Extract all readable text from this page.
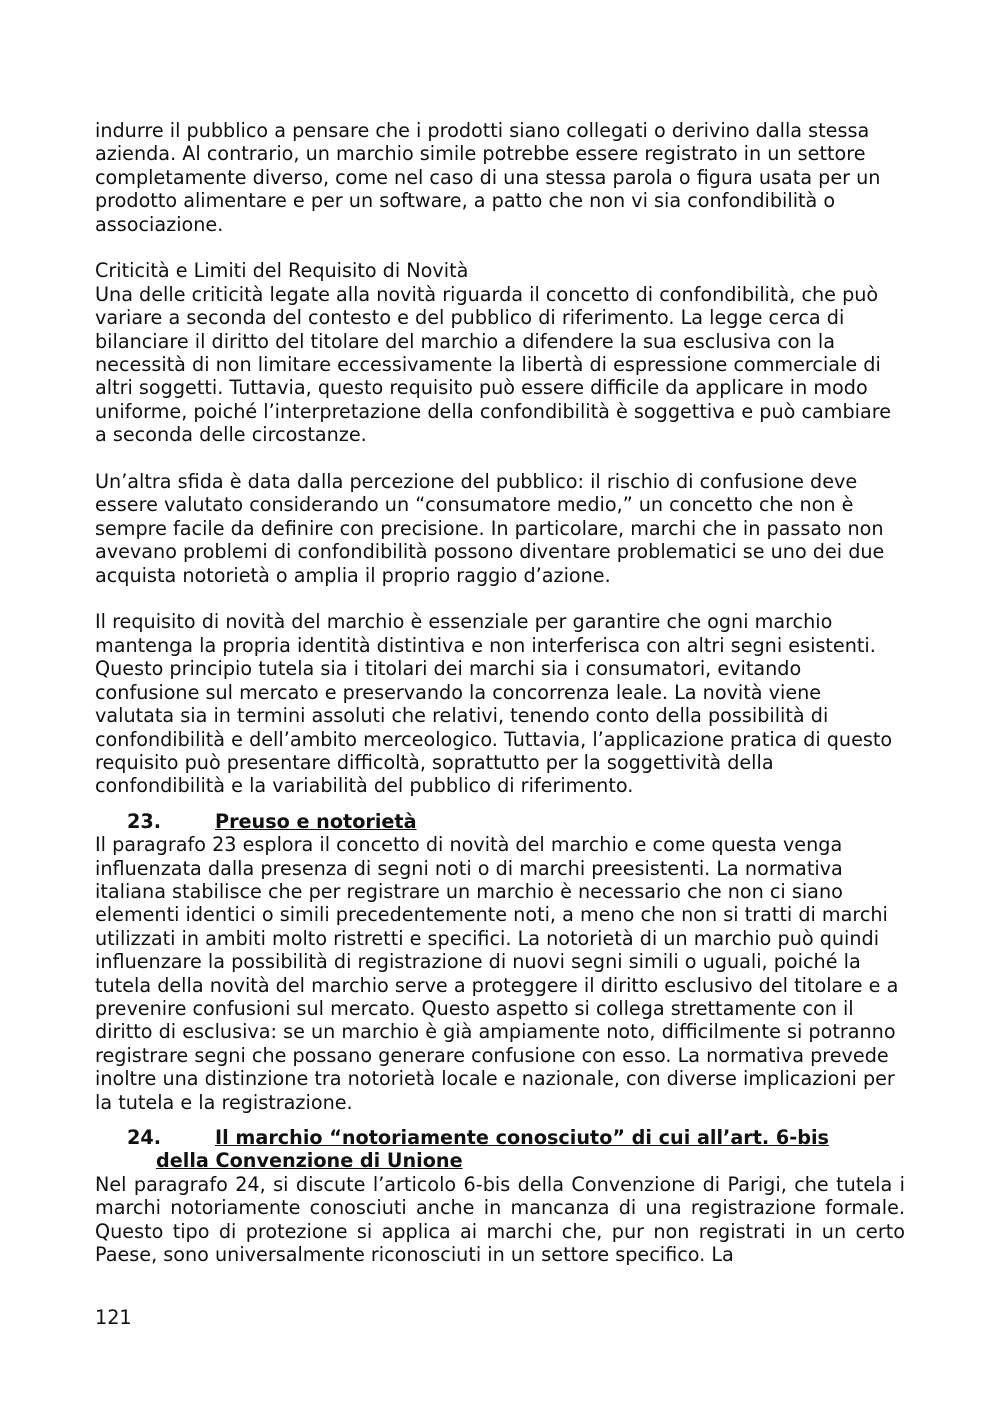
indurre il pubblico a pensare che i prodotti siano collegati o derivino dalla stessa azienda. Al contrario, un marchio simile potrebbe essere registrato in un settore completamente diverso, come nel caso di una stessa parola o figura usata per un prodotto alimentare e per un software, a patto che non vi sia confondibilità o associazione.

Criticità e Limiti del Requisito di Novità

Una delle criticità legate alla novità riguarda il concetto di confondibilità, che può variare a seconda del contesto e del pubblico di riferimento. La legge cerca di bilanciare il diritto del titolare del marchio a difendere la sua esclusiva con la necessità di non limitare eccessivamente la libertà di espressione commerciale di altri soggetti. Tuttavia, questo requisito può essere difficile da applicare in modo uniforme, poiché l’interpretazione della confondibilità è soggettiva e può cambiare a seconda delle circostanze.

Un’altra sfida è data dalla percezione del pubblico: il rischio di confusione deve essere valutato considerando un “consumatore medio,” un concetto che non è sempre facile da definire con precisione. In particolare, marchi che in passato non avevano problemi di confondibilità possono diventare problematici se uno dei due acquista notorietà o amplia il proprio raggio d’azione.

Il requisito di novità del marchio è essenziale per garantire che ogni marchio mantenga la propria identità distintiva e non interferisca con altri segni esistenti. Questo principio tutela sia i titolari dei marchi sia i consumatori, evitando confusione sul mercato e preservando la concorrenza leale. La novità viene valutata sia in termini assoluti che relativi, tenendo conto della possibilità di confondibilità e dell’ambito merceologico. Tuttavia, l’applicazione pratica di questo requisito può presentare difficoltà, soprattutto per la soggettività della confondibilità e la variabilità del pubblico di riferimento.

23.	Preuso e notorietà

Il paragrafo 23 esplora il concetto di novità del marchio e come questa venga influenzata dalla presenza di segni noti o di marchi preesistenti. La normativa italiana stabilisce che per registrare un marchio è necessario che non ci siano elementi identici o simili precedentemente noti, a meno che non si tratti di marchi utilizzati in ambiti molto ristretti e specifici. La notorietà di un marchio può quindi influenzare la possibilità di registrazione di nuovi segni simili o uguali, poiché la tutela della novità del marchio serve a proteggere il diritto esclusivo del titolare e a prevenire confusioni sul mercato. Questo aspetto si collega strettamente con il diritto di esclusiva: se un marchio è già ampiamente noto, difficilmente si potranno registrare segni che possano generare confusione con esso. La normativa prevede inoltre una distinzione tra notorietà locale e nazionale, con diverse implicazioni per la tutela e la registrazione.

24.	Il marchio “notoriamente conosciuto” di cui all’art. 6-bis
della Convenzione di Unione

Nel paragrafo 24, si discute l’articolo 6-bis della Convenzione di Parigi, che tutela i marchi notoriamente conosciuti anche in mancanza di una registrazione formale. Questo tipo di protezione si applica ai marchi che, pur non registrati in un certo Paese, sono universalmente riconosciuti in un settore specifico. La

121
